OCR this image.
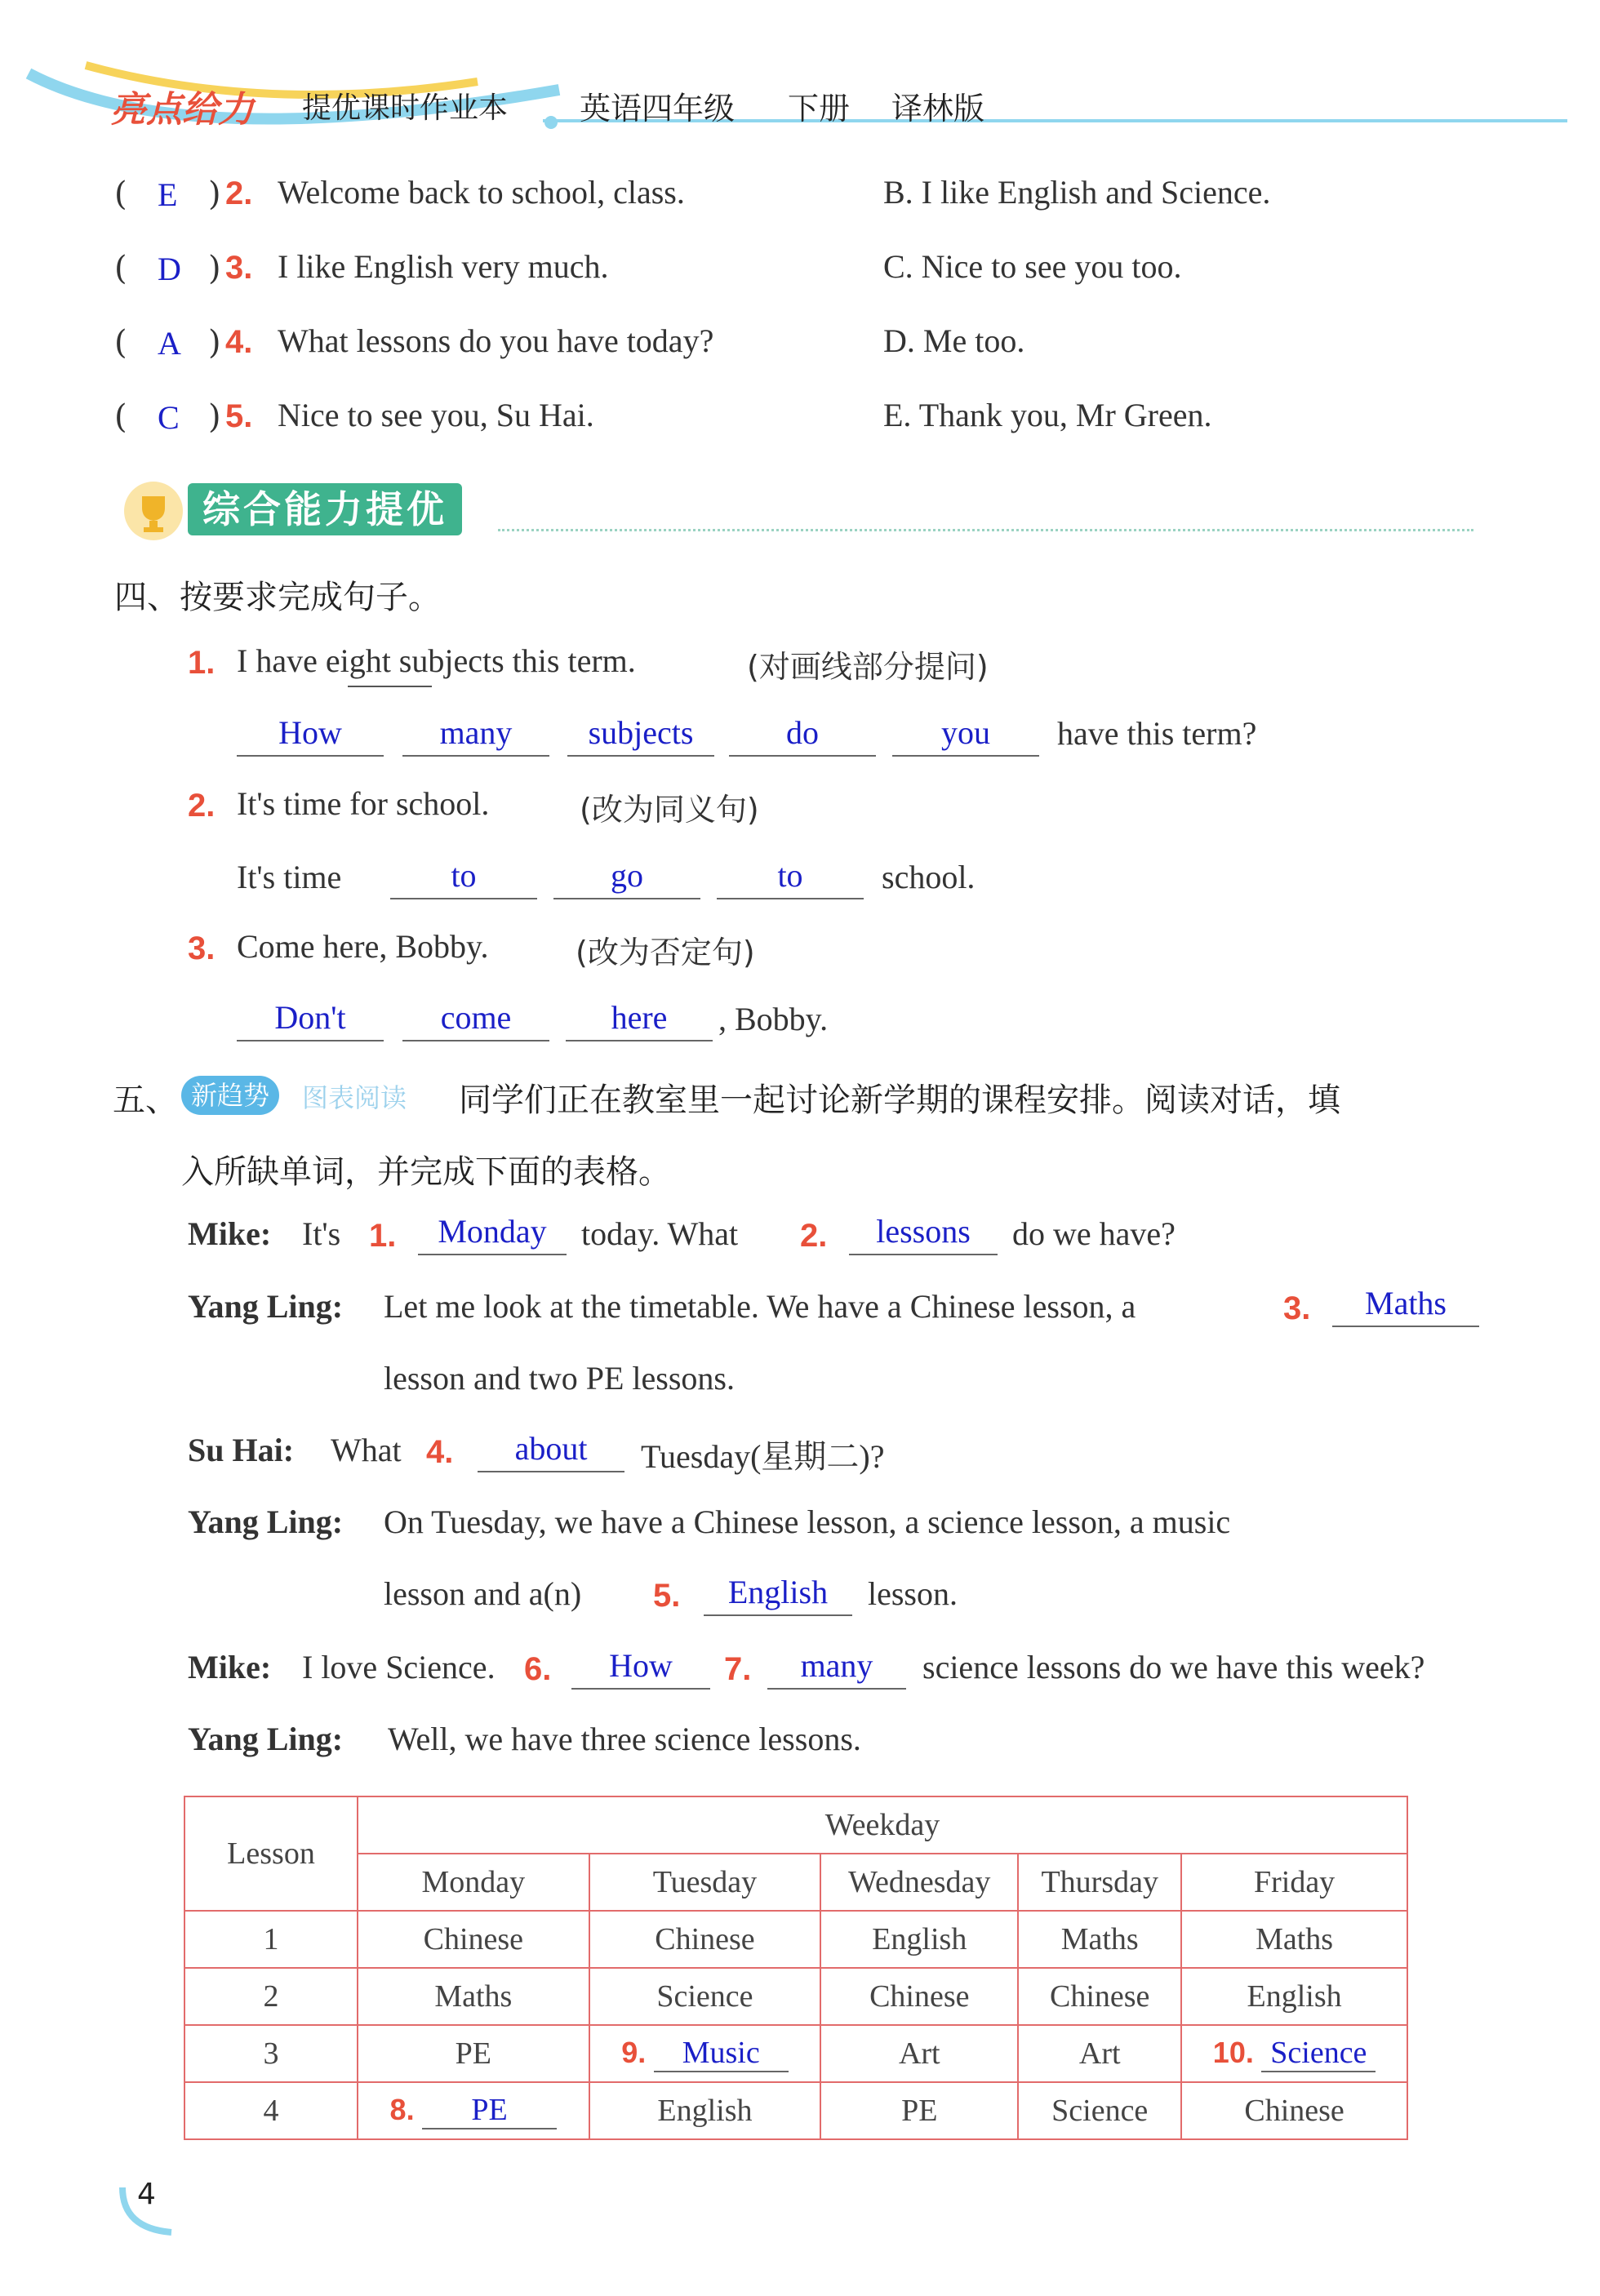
亮点给力 提优课时作业本 英语四年级 下册 译林版
( E ) 2. Welcome back to school, class.	B. I like English and Science.
( D ) 3. I like English very much.	C. Nice to see you too.
( A ) 4. What lessons do you have today?	D. Me too.
( C ) 5. Nice to see you, Su Hai.	E. Thank you, Mr Green.
综合能力提优
四、按要求完成句子。
1. I have eight subjects this term.	(对画线部分提问)
How	many	subjects	do	you	have this term?
2. It's time for school.	(改为同义句)
It's time	to	go	to	school.
3. Come here, Bobby.	(改为否定句)
Don't	come	here	, Bobby.
五、 新趋势	图表阅读 同学们正在教室里一起讨论新学期的课程安排。阅读对话，填
入所缺单词，并完成下面的表格。
Mike: It's 1.	Monday	today. What 2.	lessons	do we have?
Yang Ling: Let me look at the timetable. We have a Chinese lesson, a	3.	Maths
lesson and two PE lessons.
Su Hai: What 4.	about	Tuesday(星期二)?
Yang Ling: On Tuesday, we have a Chinese lesson, a science lesson, a music
lesson and a(n) 5.	English	lesson.
Mike: I love Science. 6.	How	7.	many	science lessons do we have this week?
Yang Ling: Well, we have three science lessons.
Lesson	Weekday				
	Monday	Tuesday	Wednesday	Thursday	Friday
1	Chinese	Chinese	English	Maths	Maths
2	Maths	Science	Chinese	Chinese	English
3	PE	9. Music	Art	Art	10. Science
4	8. PE	English	PE	Science	Chinese
4
